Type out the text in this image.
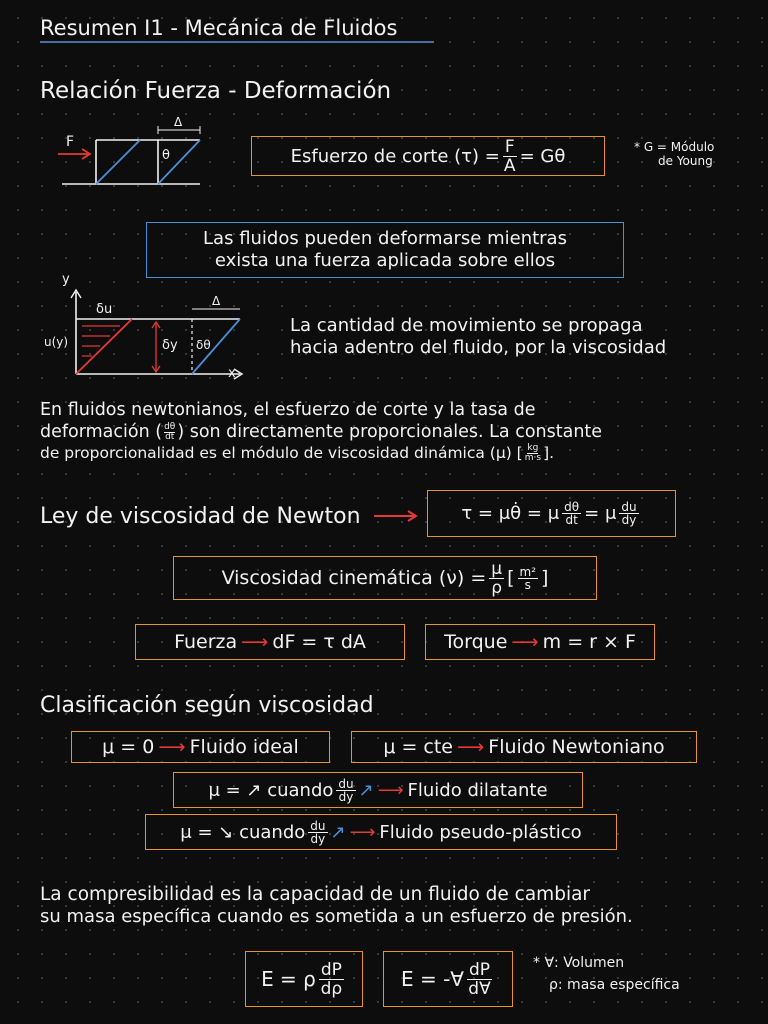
Resumen I1 - Mecánica de Fluidos
Relación Fuerza - Deformación
F
Δ
θ	Esfuerzo de corte $(\tau) = \frac{F}{A} = G\theta$	* G = Módulo
de Young
Las fluidos pueden deformarse mientras
exista una fuerza aplicada sobre ellos
y
x
δu
u(y)	δy δθ
Δ
La cantidad de movimiento se propaga
hacia adentro del fluido, por la viscosidad
En fluidos newtonianos, el esfuerzo de corte y la tasa de
deformación ( $\frac{d\theta}{dt}$ ) son directamente proporcionales. La constante
de proporcionalidad es el módulo de viscosidad dinámica (μ) [ $\frac{kg}{m\cdot s}$ ].
Ley de viscosidad de Newton	τ = μθ̇ = μ $\frac{d\theta}{dt} = \mu \frac{du}{dy}$
Viscosidad cinemática $(\nu) = \frac{\mu}{\rho}$ [ $\frac{\text{m²}}{s}$ ]
Fuerza ⟶ dF = τ dA	Torque ⟶ m = r × F
Clasificación según viscosidad
μ = 0 ⟶ Fluido ideal	μ = cte ⟶ Fluido Newtoniano
μ = ↗ cuando $\frac{du}{dy}$ ↗ ⟶ Fluido dilatante
μ = ↘ cuando $\frac{du}{dy}$ ↗ ⟶ Fluido pseudo-plástico
La compresibilidad es la capacidad de un fluido de cambiar
su masa específica cuando es sometida a un esfuerzo de presión.
E = ρ $\frac{dP}{d\rho}$	E = -∀ $\frac{dP}{d\forall}$	* ∀: Volumen
ρ: masa específica
